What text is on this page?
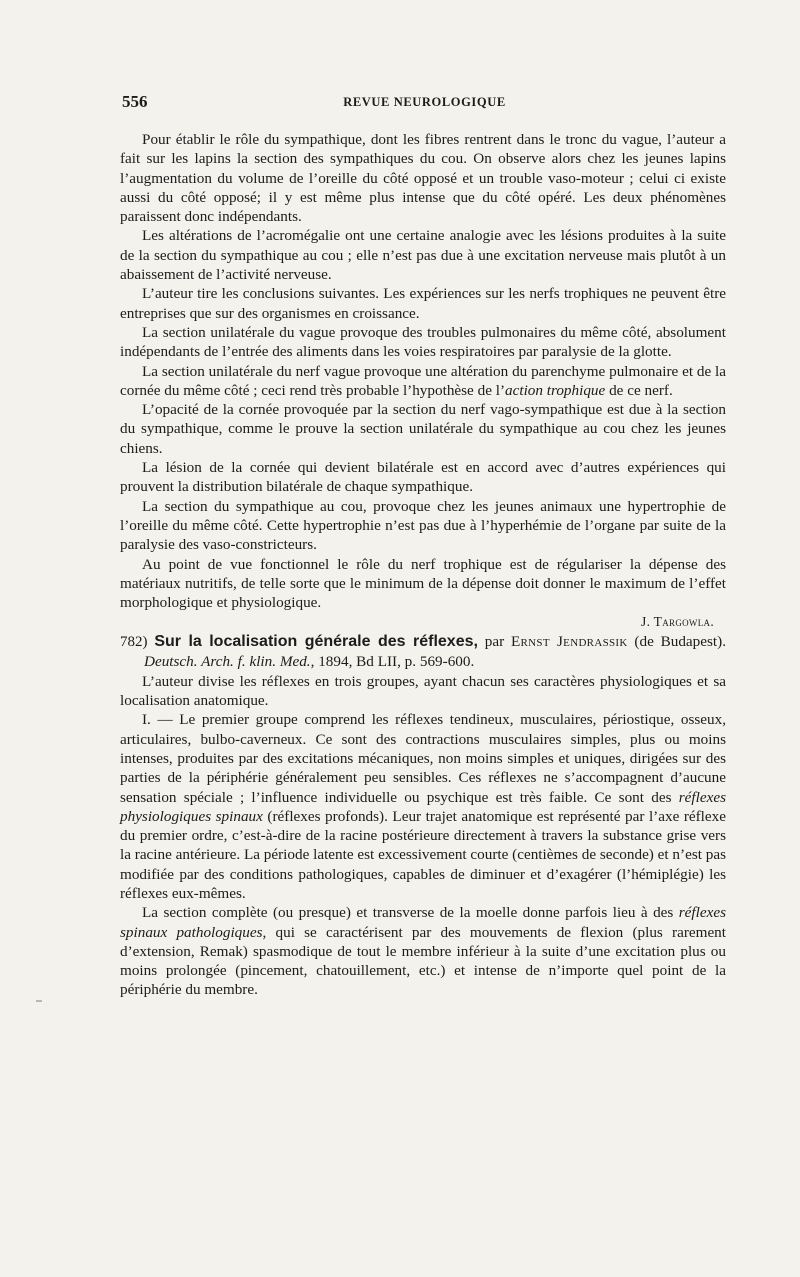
556	REVUE NEUROLOGIQUE

Pour établir le rôle du sympathique, dont les fibres rentrent dans le tronc du vague, l’auteur a fait sur les lapins la section des sympathiques du cou. On observe alors chez les jeunes lapins l’augmentation du volume de l’oreille du côté opposé et un trouble vaso-moteur ; celui ci existe aussi du côté opposé; il y est même plus intense que du côté opéré. Les deux phénomènes paraissent donc indépendants.

Les altérations de l’acromégalie ont une certaine analogie avec les lésions produites à la suite de la section du sympathique au cou ; elle n’est pas due à une excitation nerveuse mais plutôt à un abaissement de l’activité nerveuse.

L’auteur tire les conclusions suivantes. Les expériences sur les nerfs trophiques ne peuvent être entreprises que sur des organismes en croissance.

La section unilatérale du vague provoque des troubles pulmonaires du même côté, absolument indépendants de l’entrée des aliments dans les voies respiratoires par paralysie de la glotte.

La section unilatérale du nerf vague provoque une altération du parenchyme pulmonaire et de la cornée du même côté ; ceci rend très probable l’hypothèse de l’action trophique de ce nerf.

L’opacité de la cornée provoquée par la section du nerf vago-sympathique est due à la section du sympathique, comme le prouve la section unilatérale du sympathique au cou chez les jeunes chiens.

La lésion de la cornée qui devient bilatérale est en accord avec d’autres expériences qui prouvent la distribution bilatérale de chaque sympathique.

La section du sympathique au cou, provoque chez les jeunes animaux une hypertrophie de l’oreille du même côté. Cette hypertrophie n’est pas due à l’hyperhémie de l’organe par suite de la paralysie des vaso-constricteurs.

Au point de vue fonctionnel le rôle du nerf trophique est de régulariser la dépense des matériaux nutritifs, de telle sorte que le minimum de la dépense doit donner le maximum de l’effet morphologique et physiologique.

J. Targowla.

782) Sur la localisation générale des réflexes, par Ernst Jendrassik (de Budapest). Deutsch. Arch. f. klin. Med., 1894, Bd LII, p. 569-600.

L’auteur divise les réflexes en trois groupes, ayant chacun ses caractères physiologiques et sa localisation anatomique.

I. — Le premier groupe comprend les réflexes tendineux, musculaires, périostique, osseux, articulaires, bulbo-caverneux. Ce sont des contractions musculaires simples, plus ou moins intenses, produites par des excitations mécaniques, non moins simples et uniques, dirigées sur des parties de la périphérie généralement peu sensibles. Ces réflexes ne s’accompagnent d’aucune sensation spéciale ; l’influence individuelle ou psychique est très faible. Ce sont des réflexes physiologiques spinaux (réflexes profonds). Leur trajet anatomique est représenté par l’axe réflexe du premier ordre, c’est-à-dire de la racine postérieure directement à travers la substance grise vers la racine antérieure. La période latente est excessivement courte (centièmes de seconde) et n’est pas modifiée par des conditions pathologiques, capables de diminuer et d’exagérer (l’hémiplégie) les réflexes eux-mêmes.

La section complète (ou presque) et transverse de la moelle donne parfois lieu à des réflexes spinaux pathologiques, qui se caractérisent par des mouvements de flexion (plus rarement d’extension, Remak) spasmodique de tout le membre inférieur à la suite d’une excitation plus ou moins prolongée (pincement, chatouillement, etc.) et intense de n’importe quel point de la périphérie du membre.
